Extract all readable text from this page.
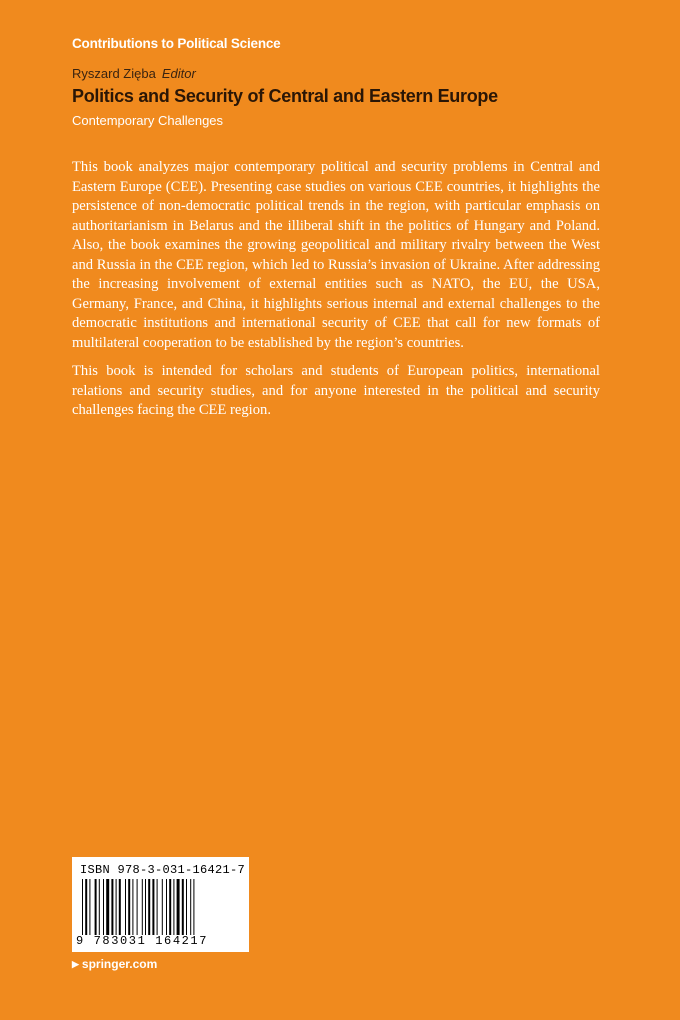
Contributions to Political Science
Ryszard Zięba Editor
Politics and Security of Central and Eastern Europe
Contemporary Challenges

This book analyzes major contemporary political and security problems in Central and Eastern Europe (CEE). Presenting case studies on various CEE countries, it highlights the persistence of non-democratic political trends in the region, with particular emphasis on authoritarianism in Belarus and the illiberal shift in the politics of Hungary and Poland. Also, the book examines the growing geopolitical and military rivalry between the West and Russia in the CEE region, which led to Russia’s invasion of Ukraine. After addressing the increasing involvement of external entities such as NATO, the EU, the USA, Germany, France, and China, it highlights serious internal and external challenges to the democratic institutions and international security of CEE that call for new formats of multilateral cooperation to be established by the region’s countries.

This book is intended for scholars and students of European politics, international relations and security studies, and for anyone interested in the political and security challenges facing the CEE region.

ISBN 978-3-031-16421-7
9 783031 164217
▶ springer.com
